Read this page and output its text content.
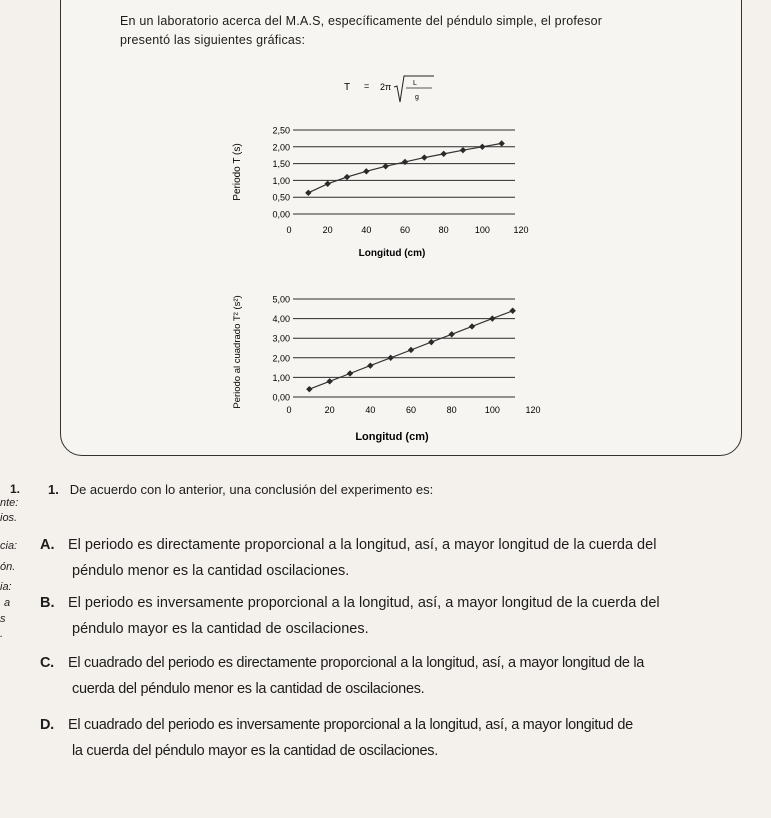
En un laboratorio acerca del M.A.S, específicamente del péndulo simple, el profesor
presentó las siguientes gráficas:
T = 2π	L
g
0,00
0,50
1,00
1,50
2,00
2,50
0	20	40	60	80	100	120
Longitud (cm)
Periodo T (s)
0,00
1,00
2,00
3,00
4,00
5,00
0	20	40	60	80	100	120
Longitud (cm)
Periodo al cuadrado T² (s²)
1. 1. De acuerdo con lo anterior, una conclusión del experimento es:
nte:
ios.
cia:
ón.
ia:
a
s
.
A. El periodo es directamente proporcional a la longitud, así, a mayor longitud de la cuerda del
péndulo menor es la cantidad oscilaciones.
B. El periodo es inversamente proporcional a la longitud, así, a mayor longitud de la cuerda del
péndulo mayor es la cantidad de oscilaciones.
C. El cuadrado del periodo es directamente proporcional a la longitud, así, a mayor longitud de la
cuerda del péndulo menor es la cantidad de oscilaciones.
D. El cuadrado del periodo es inversamente proporcional a la longitud, así, a mayor longitud de
la cuerda del péndulo mayor es la cantidad de oscilaciones.
